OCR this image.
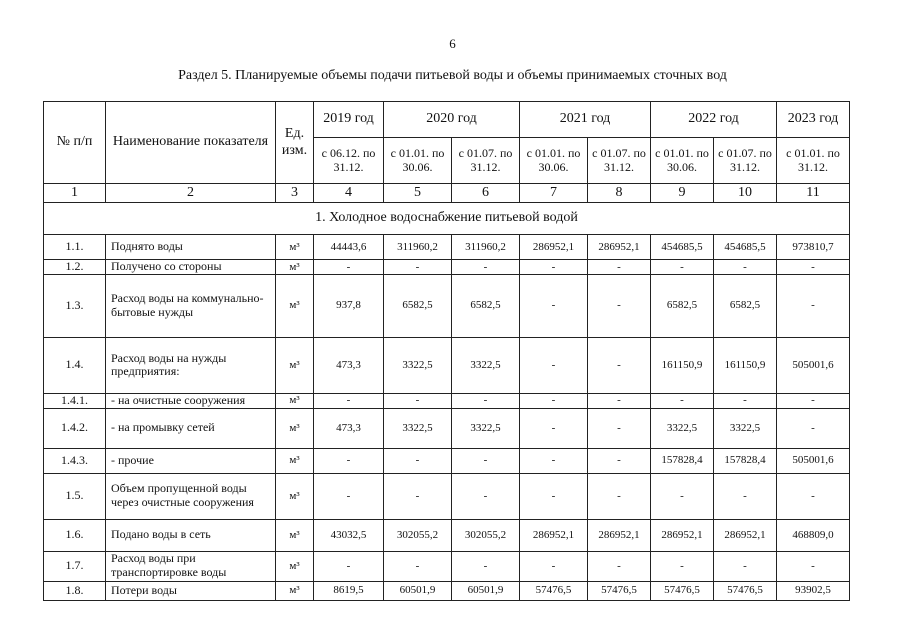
6
Раздел 5. Планируемые объемы подачи питьевой воды и объемы принимаемых сточных вод
№ п/п	Наименование показателя	Ед. изм.	2019 год	2020 год		2021 год		2022 год		2023 год
			с 06.12. по 31.12.	с 01.01. по 30.06.	с 01.07. по 31.12.	с 01.01. по 30.06.	с 01.07. по 31.12.	с 01.01. по 30.06.	с 01.07. по 31.12.	с 01.01. по 31.12.
1	2	3	4	5	6	7	8	9	10	11
1. Холодное водоснабжение питьевой водой										
1.1.	Поднято воды	м³	44443,6	311960,2	311960,2	286952,1	286952,1	454685,5	454685,5	973810,7
1.2.	Получено со стороны	м³	-	-	-	-	-	-	-	-
1.3.	Расход воды на коммунально-бытовые нужды	м³	937,8	6582,5	6582,5	-	-	6582,5	6582,5	-
1.4.	Расход воды на нужды предприятия:	м³	473,3	3322,5	3322,5	-	-	161150,9	161150,9	505001,6
1.4.1.	- на очистные сооружения	м³	-	-	-	-	-	-	-	-
1.4.2.	- на промывку сетей	м³	473,3	3322,5	3322,5	-	-	3322,5	3322,5	-
1.4.3.	- прочие	м³	-	-	-	-	-	157828,4	157828,4	505001,6
1.5.	Объем пропущенной воды через очистные сооружения	м³	-	-	-	-	-	-	-	-
1.6.	Подано воды в сеть	м³	43032,5	302055,2	302055,2	286952,1	286952,1	286952,1	286952,1	468809,0
1.7.	Расход воды при транспортировке воды	м³	-	-	-	-	-	-	-	-
1.8.	Потери воды	м³	8619,5	60501,9	60501,9	57476,5	57476,5	57476,5	57476,5	93902,5
